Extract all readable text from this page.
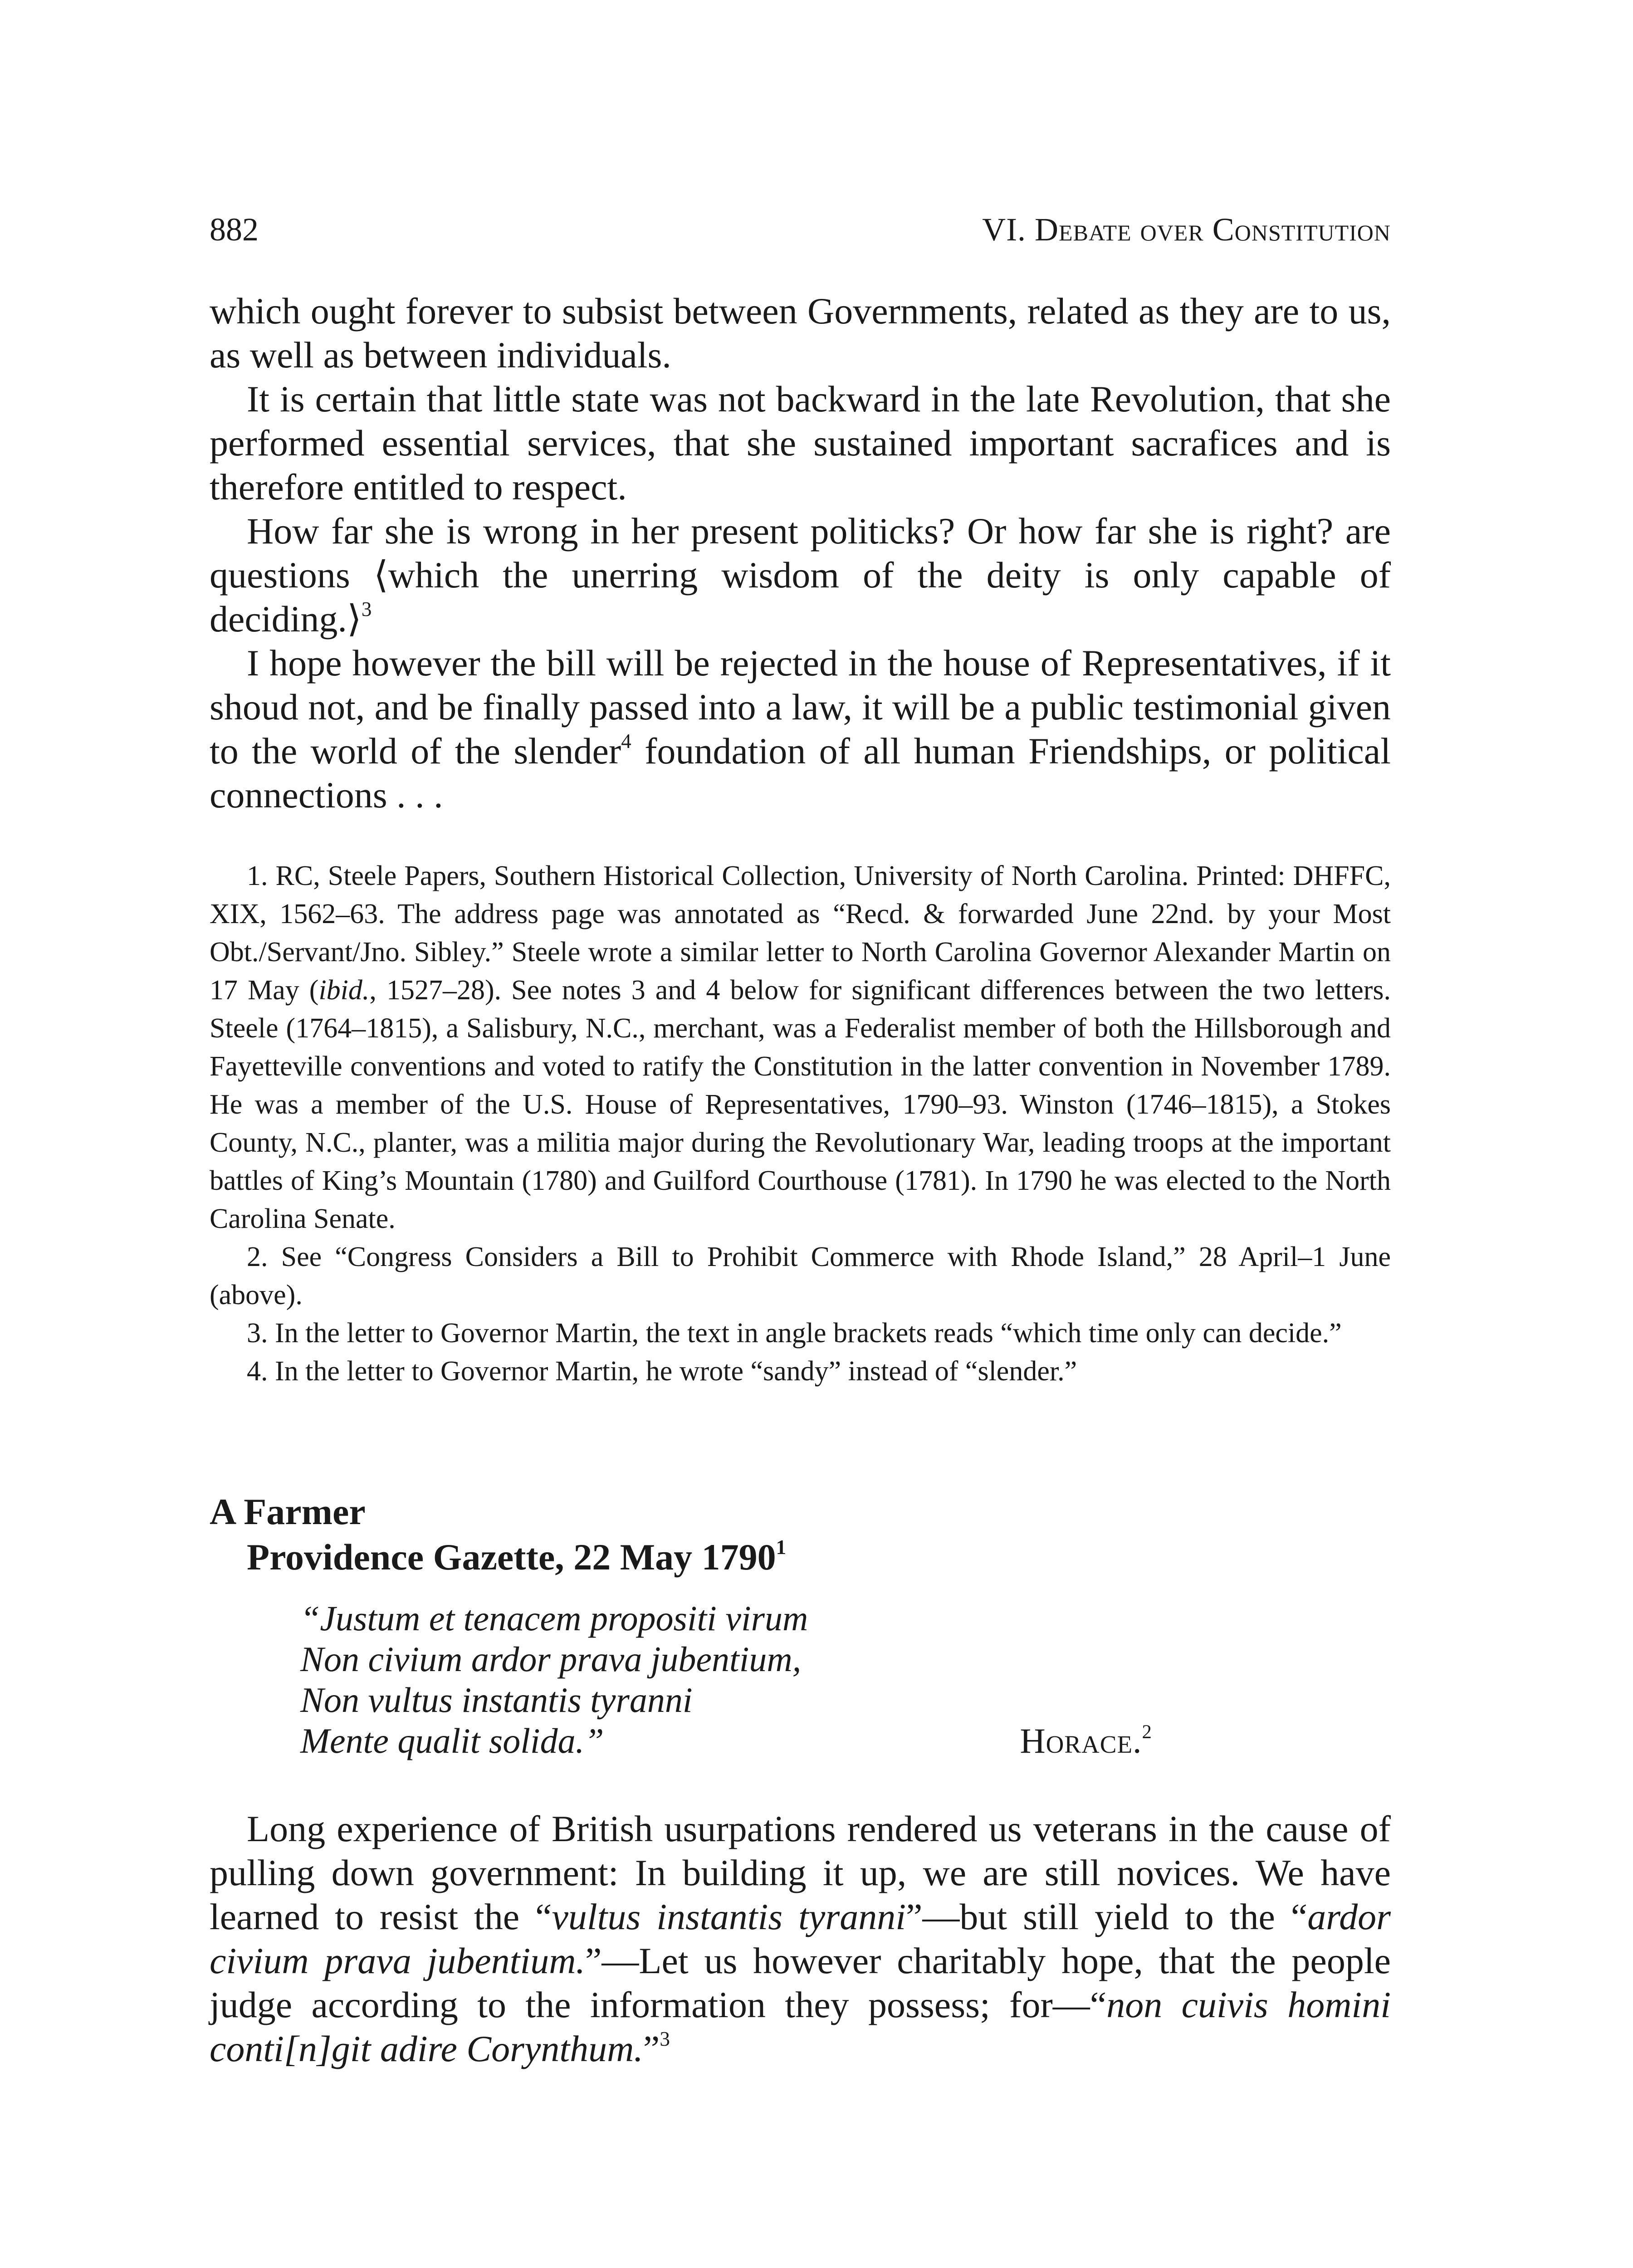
882	VI. Debate over Constitution

which ought forever to subsist between Governments, related as they are to us, as well as between individuals.

It is certain that little state was not backward in the late Revolution, that she performed essential services, that she sustained important sacrafices and is therefore entitled to respect.

How far she is wrong in her present politicks? Or how far she is right? are questions ⟨which the unerring wisdom of the deity is only capable of deciding.⟩$^3$

I hope however the bill will be rejected in the house of Representatives, if it shoud not, and be finally passed into a law, it will be a public testimonial given to the world of the slender$^4$ foundation of all human Friendships, or political connections . . .

1. RC, Steele Papers, Southern Historical Collection, University of North Carolina. Printed: DHFFC, XIX, 1562–63. The address page was annotated as “Recd. & forwarded June 22nd. by your Most Obt./Servant/Jno. Sibley.” Steele wrote a similar letter to North Carolina Governor Alexander Martin on 17 May (ibid., 1527–28). See notes 3 and 4 below for significant differences between the two letters. Steele (1764–1815), a Salisbury, N.C., merchant, was a Federalist member of both the Hillsborough and Fayetteville conventions and voted to ratify the Constitution in the latter convention in November 1789. He was a member of the U.S. House of Representatives, 1790–93. Winston (1746–1815), a Stokes County, N.C., planter, was a militia major during the Revolutionary War, leading troops at the important battles of King’s Mountain (1780) and Guilford Courthouse (1781). In 1790 he was elected to the North Carolina Senate.

2. See “Congress Considers a Bill to Prohibit Commerce with Rhode Island,” 28 April–1 June (above).

3. In the letter to Governor Martin, the text in angle brackets reads “which time only can decide.”

4. In the letter to Governor Martin, he wrote “sandy” instead of “slender.”

A Farmer
Providence Gazette, 22 May 1790$^1$
“Justum et tenacem propositi virum
Non civium ardor prava jubentium,
Non vultus instantis tyranni
Mente qualit solida.”	Horace.$^2$

Long experience of British usurpations rendered us veterans in the cause of pulling down government: In building it up, we are still novices. We have learned to resist the “vultus instantis tyranni”—but still yield to the “ardor civium prava jubentium.”—Let us however charitably hope, that the people judge according to the information they possess; for—“non cuivis homini conti[n]git adire Corynthum.”$^3$
